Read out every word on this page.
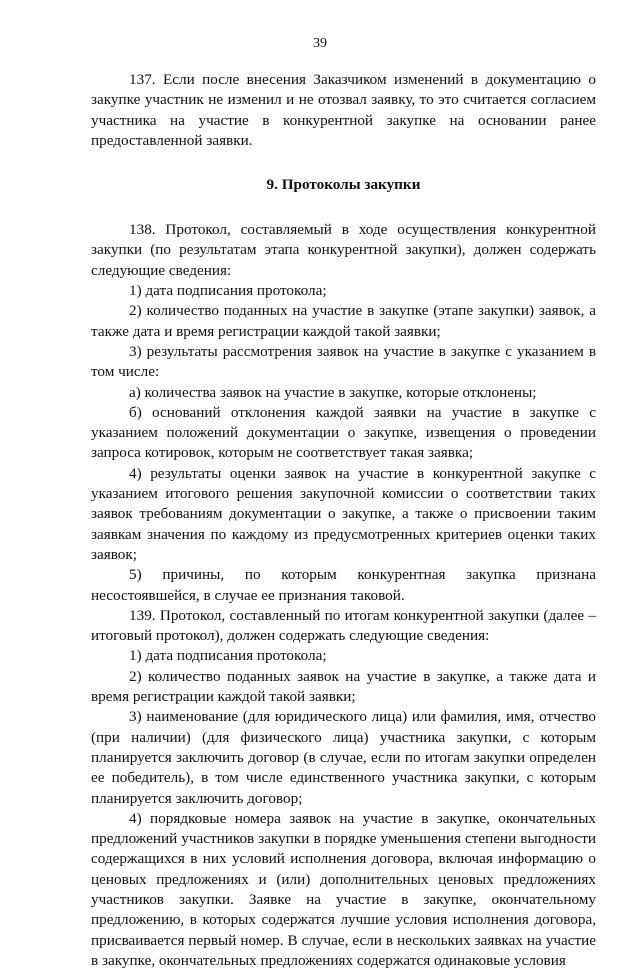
39

137. Если после внесения Заказчиком изменений в документацию о закупке участник не изменил и не отозвал заявку, то это считается согласием участника на участие в конкурентной закупке на основании ранее предоставленной заявки.

9. Протоколы закупки

138. Протокол, составляемый в ходе осуществления конкурентной закупки (по результатам этапа конкурентной закупки), должен содержать следующие сведения:

1) дата подписания протокола;

2) количество поданных на участие в закупке (этапе закупки) заявок, а также дата и время регистрации каждой такой заявки;

3) результаты рассмотрения заявок на участие в закупке с указанием в том числе:

а) количества заявок на участие в закупке, которые отклонены;

б) оснований отклонения каждой заявки на участие в закупке с указанием положений документации о закупке, извещения о проведении запроса котировок, которым не соответствует такая заявка;

4) результаты оценки заявок на участие в конкурентной закупке с указанием итогового решения закупочной комиссии о соответствии таких заявок требованиям документации о закупке, а также о присвоении таким заявкам значения по каждому из предусмотренных критериев оценки таких заявок;

5) причины, по которым конкурентная закупка признана несостоявшейся, в случае ее признания таковой.

139. Протокол, составленный по итогам конкурентной закупки (далее – итоговый протокол), должен содержать следующие сведения:

1) дата подписания протокола;

2) количество поданных заявок на участие в закупке, а также дата и время регистрации каждой такой заявки;

3) наименование (для юридического лица) или фамилия, имя, отчество (при наличии) (для физического лица) участника закупки, с которым планируется заключить договор (в случае, если по итогам закупки определен ее победитель), в том числе единственного участника закупки, с которым планируется заключить договор;

4) порядковые номера заявок на участие в закупке, окончательных предложений участников закупки в порядке уменьшения степени выгодности содержащихся в них условий исполнения договора, включая информацию о ценовых предложениях и (или) дополнительных ценовых предложениях участников закупки. Заявке на участие в закупке, окончательному предложению, в которых содержатся лучшие условия исполнения договора, присваивается первый номер. В случае, если в нескольких заявках на участие в закупке, окончательных предложениях содержатся одинаковые условия
